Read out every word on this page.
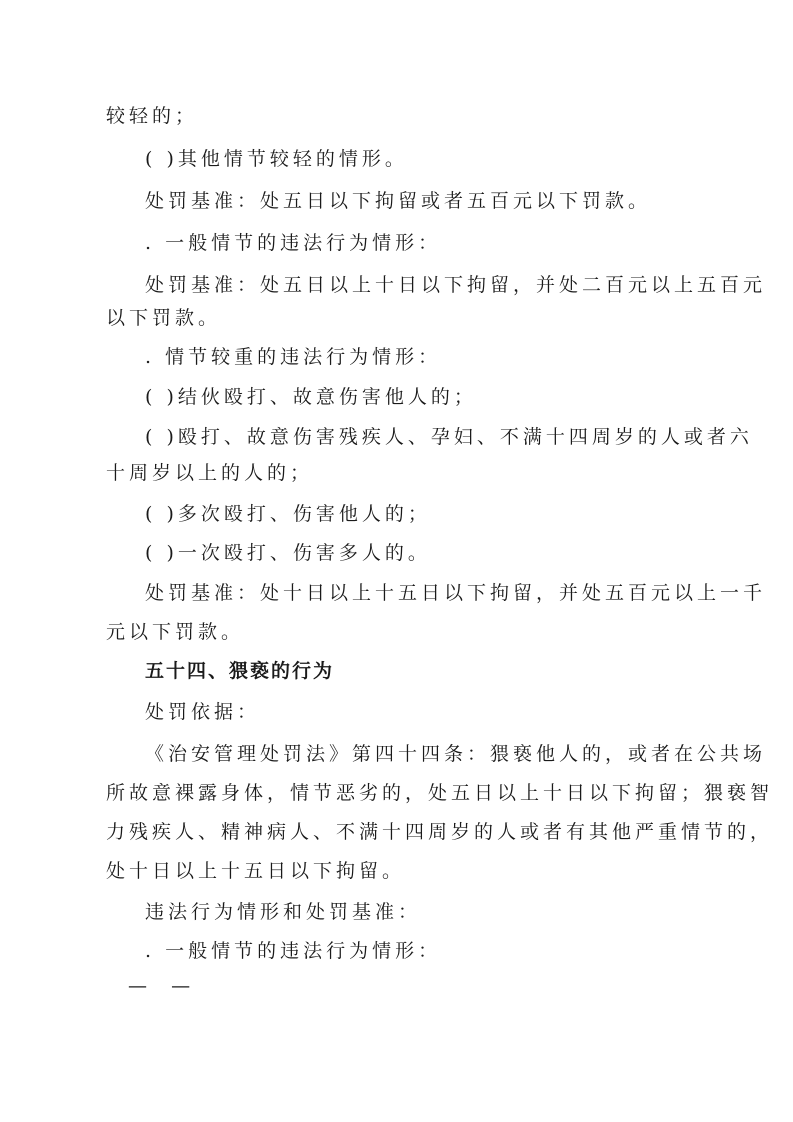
较轻的；
( )其他情节较轻的情形。
处罚基准：处五日以下拘留或者五百元以下罚款。
. 一般情节的违法行为情形：
处罚基准：处五日以上十日以下拘留，并处二百元以上五百元
以下罚款。
. 情节较重的违法行为情形：
( )结伙殴打、故意伤害他人的；
( )殴打、故意伤害残疾人、孕妇、不满十四周岁的人或者六
十周岁以上的人的；
( )多次殴打、伤害他人的；
( )一次殴打、伤害多人的。
处罚基准：处十日以上十五日以下拘留，并处五百元以上一千
元以下罚款。
五十四、猥亵的行为
处罚依据：
《治安管理处罚法》第四十四条：猥亵他人的，或者在公共场
所故意裸露身体，情节恶劣的，处五日以上十日以下拘留；猥亵智
力残疾人、精神病人、不满十四周岁的人或者有其他严重情节的，
处十日以上十五日以下拘留。
违法行为情形和处罚基准：
. 一般情节的违法行为情形：
—    —
